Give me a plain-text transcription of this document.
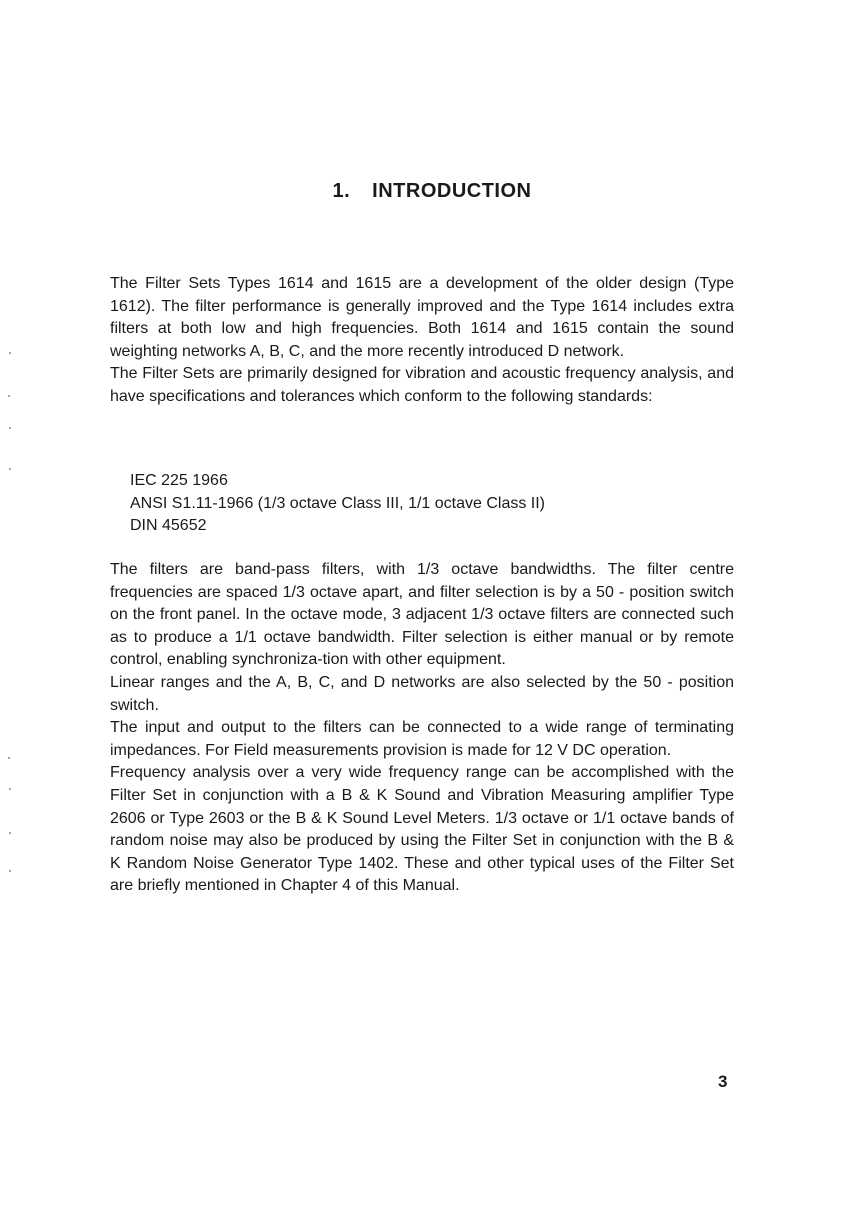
1. INTRODUCTION

The Filter Sets Types 1614 and 1615 are a development of the older design (Type 1612). The filter performance is generally improved and the Type 1614 includes extra filters at both low and high frequencies. Both 1614 and 1615 contain the sound weighting networks A, B, C, and the more recently introduced D network.

The Filter Sets are primarily designed for vibration and acoustic frequency analysis, and have specifications and tolerances which conform to the following standards:

IEC 225 1966
ANSI S1.11-1966 (1/3 octave Class III, 1/1 octave Class II)
DIN 45652

The filters are band-pass filters, with 1/3 octave bandwidths. The filter centre frequencies are spaced 1/3 octave apart, and filter selection is by a 50 - position switch on the front panel. In the octave mode, 3 adjacent 1/3 octave filters are connected such as to produce a 1/1 octave bandwidth. Filter selection is either manual or by remote control, enabling synchroniza-tion with other equipment.

Linear ranges and the A, B, C, and D networks are also selected by the 50 - position switch.

The input and output to the filters can be connected to a wide range of terminating impedances. For Field measurements provision is made for 12 V DC operation.

Frequency analysis over a very wide frequency range can be accomplished with the Filter Set in conjunction with a B & K Sound and Vibration Measuring amplifier Type 2606 or Type 2603 or the B & K Sound Level Meters. 1/3 octave or 1/1 octave bands of random noise may also be produced by using the Filter Set in conjunction with the B & K Random Noise Generator Type 1402. These and other typical uses of the Filter Set are briefly mentioned in Chapter 4 of this Manual.

3
